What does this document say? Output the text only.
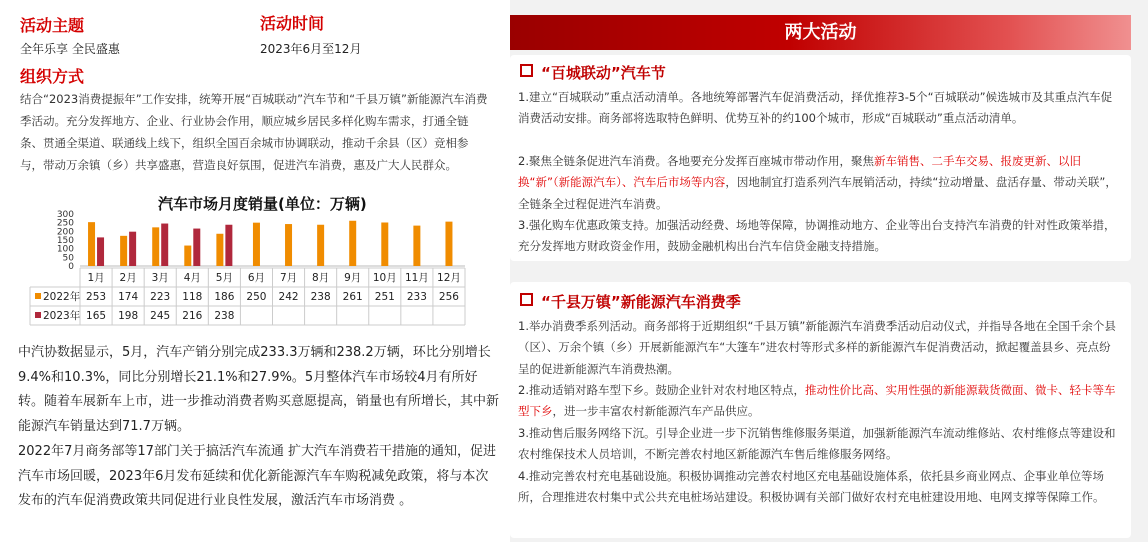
活动主题
全年乐享 全民盛惠
活动时间
2023年6月至12月
组织方式
结合“2023消费提振年”工作安排，统筹开展“百城联动”汽车节和“千县万镇”新能源汽车消费季活动。充分发挥地方、企业、行业协会作用，顺应城乡居民多样化购车需求，打通全链条、贯通全渠道、联通线上线下，组织全国百余城市协调联动，推动千余县（区）竞相参与，带动万余镇（乡）共享盛惠，营造良好氛围，促进汽车消费，惠及广大人民群众。
汽车市场月度销量(单位：万辆)
0
50
100
150
200
250
300
1月 2月 3月 4月 5月 6月 7月 8月 9月 10月 11月 12月
2022年 253 174 223 118 186 250 242 238 261 251 233 256
2023年 165 198 245 216 238
中汽协数据显示，5月，汽车产销分别完成233.3万辆和238.2万辆，环比分别增长9.4%和10.3%，同比分别增长21.1%和27.9%。5月整体汽车市场较4月有所好转。随着车展新车上市，进一步推动消费者购买意愿提高，销量也有所增长，其中新能源汽车销量达到71.7万辆。
2022年7月商务部等17部门关于搞活汽车流通 扩大汽车消费若干措施的通知，促进汽车市场回暖，2023年6月发布延续和优化新能源汽车车购税减免政策，将与本次发布的汽车促消费政策共同促进行业良性发展，激活汽车市场消费 。
两大活动
“百城联动”汽车节
1.建立“百城联动”重点活动清单。各地统筹部署汽车促消费活动，择优推荐3-5个“百城联动”候选城市及其重点汽车促消费活动安排。商务部将选取特色鲜明、优势互补的约100个城市，形成“百城联动”重点活动清单。
2.聚焦全链条促进汽车消费。各地要充分发挥百座城市带动作用，聚焦新车销售、二手车交易、报废更新、以旧换“新”（新能源汽车）、汽车后市场等内容，因地制宜打造系列汽车展销活动，持续“拉动增量、盘活存量、带动关联”，全链条全过程促进汽车消费。
3.强化购车优惠政策支持。加强活动经费、场地等保障，协调推动地方、企业等出台支持汽车消费的针对性政策举措，充分发挥地方财政资金作用，鼓励金融机构出台汽车信贷金融支持措施。
“千县万镇”新能源汽车消费季
1.举办消费季系列活动。商务部将于近期组织“千县万镇”新能源汽车消费季活动启动仪式，并指导各地在全国千余个县（区）、万余个镇（乡）开展新能源汽车“大篷车”进农村等形式多样的新能源汽车促消费活动，掀起覆盖县乡、亮点纷呈的促进新能源汽车消费热潮。
2.推动适销对路车型下乡。鼓励企业针对农村地区特点，推动性价比高、实用性强的新能源载货微面、微卡、轻卡等车型下乡，进一步丰富农村新能源汽车产品供应。
3.推动售后服务网络下沉。引导企业进一步下沉销售维修服务渠道，加强新能源汽车流动维修站、农村维修点等建设和农村维保技术人员培训，不断完善农村地区新能源汽车售后维修服务网络。
4.推动完善农村充电基础设施。积极协调推动完善农村地区充电基础设施体系，依托县乡商业网点、企事业单位等场所，合理推进农村集中式公共充电桩场站建设。积极协调有关部门做好农村充电桩建设用地、电网支撑等保障工作。
